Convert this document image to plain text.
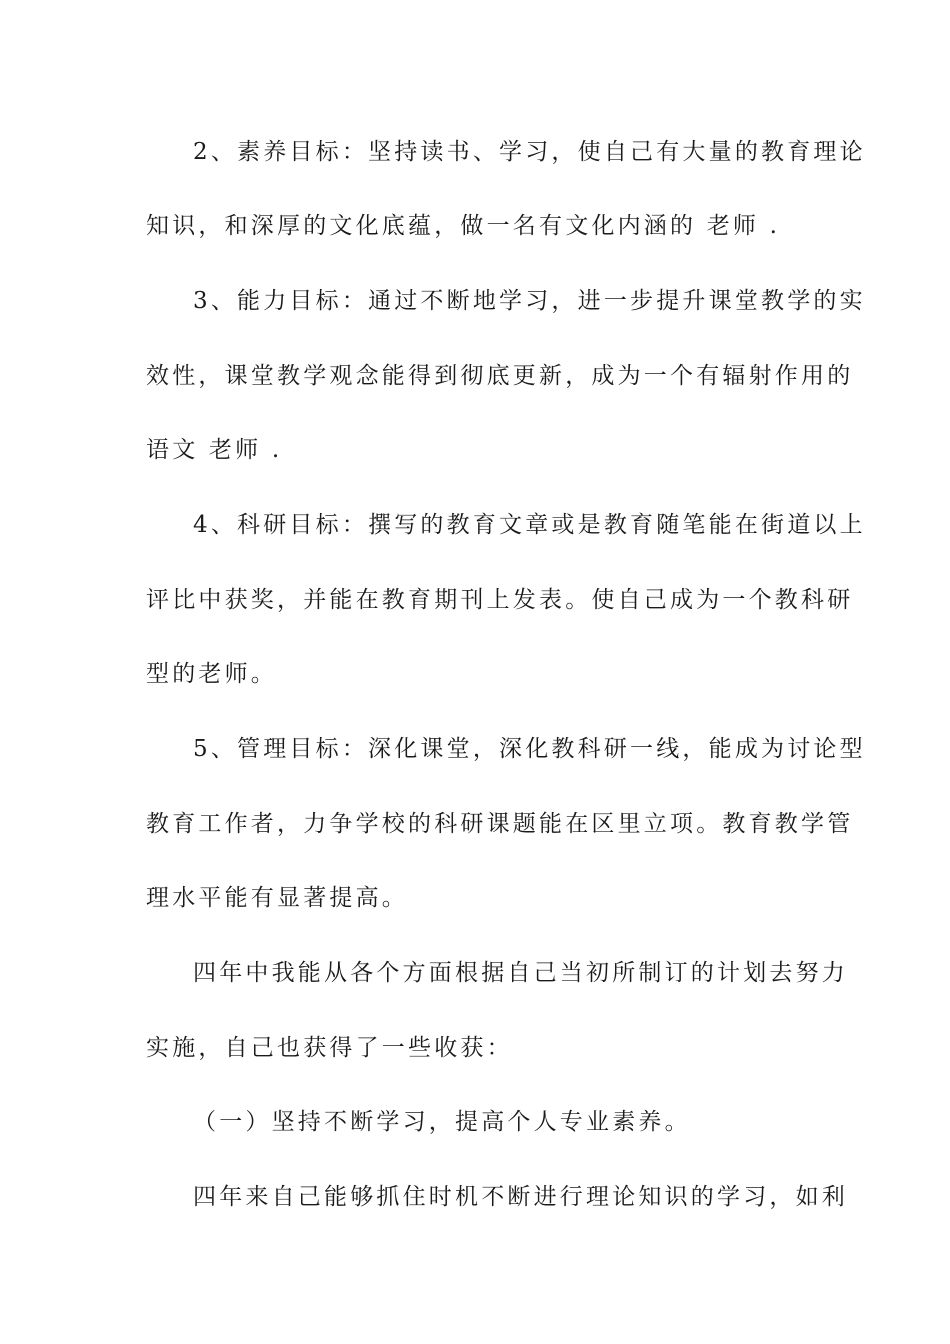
2、素养目标：坚持读书、学习，使自己有大量的教育理论
知识，和深厚的文化底蕴，做一名有文化内涵的 老师 .
3、能力目标：通过不断地学习，进一步提升课堂教学的实
效性，课堂教学观念能得到彻底更新，成为一个有辐射作用的
语文 老师 .
4、科研目标：撰写的教育文章或是教育随笔能在街道以上
评比中获奖，并能在教育期刊上发表。使自己成为一个教科研
型的老师。
5、管理目标：深化课堂，深化教科研一线，能成为讨论型
教育工作者，力争学校的科研课题能在区里立项。教育教学管
理水平能有显著提高。
四年中我能从各个方面根据自己当初所制订的计划去努力
实施，自己也获得了一些收获：
（一）坚持不断学习，提高个人专业素养。
四年来自己能够抓住时机不断进行理论知识的学习，如利
